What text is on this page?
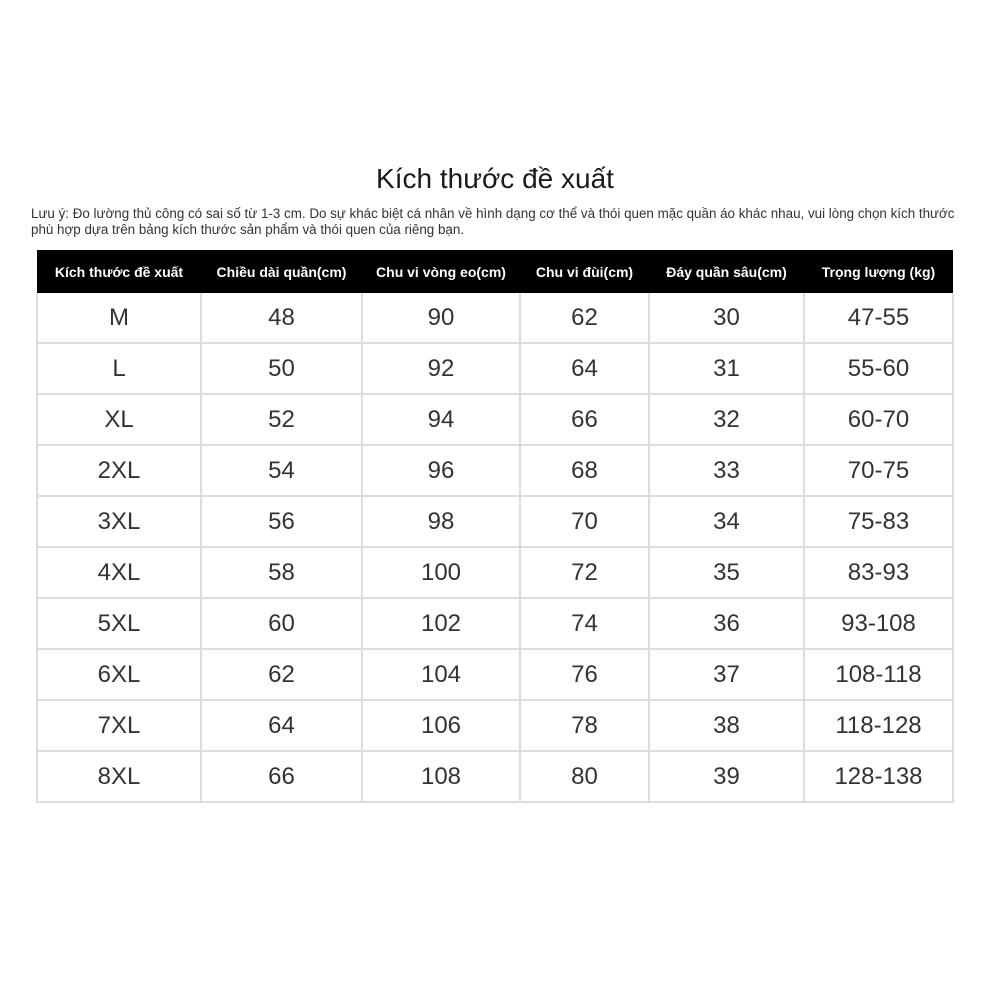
Kích thước đề xuất

Lưu ý: Đo lường thủ công có sai số từ 1-3 cm. Do sự khác biệt cá nhân về hình dạng cơ thể và thói quen mặc quần áo khác nhau, vui lòng chọn kích thước phù hợp dựa trên bảng kích thước sản phẩm và thói quen của riêng bạn.

Kích thước đề xuất	Chiều dài quần(cm)	Chu vi vòng eo(cm)	Chu vi đùi(cm)	Đáy quần sâu(cm)	Trọng lượng (kg)
M	48	90	62	30	47-55
L	50	92	64	31	55-60
XL	52	94	66	32	60-70
2XL	54	96	68	33	70-75
3XL	56	98	70	34	75-83
4XL	58	100	72	35	83-93
5XL	60	102	74	36	93-108
6XL	62	104	76	37	108-118
7XL	64	106	78	38	118-128
8XL	66	108	80	39	128-138
